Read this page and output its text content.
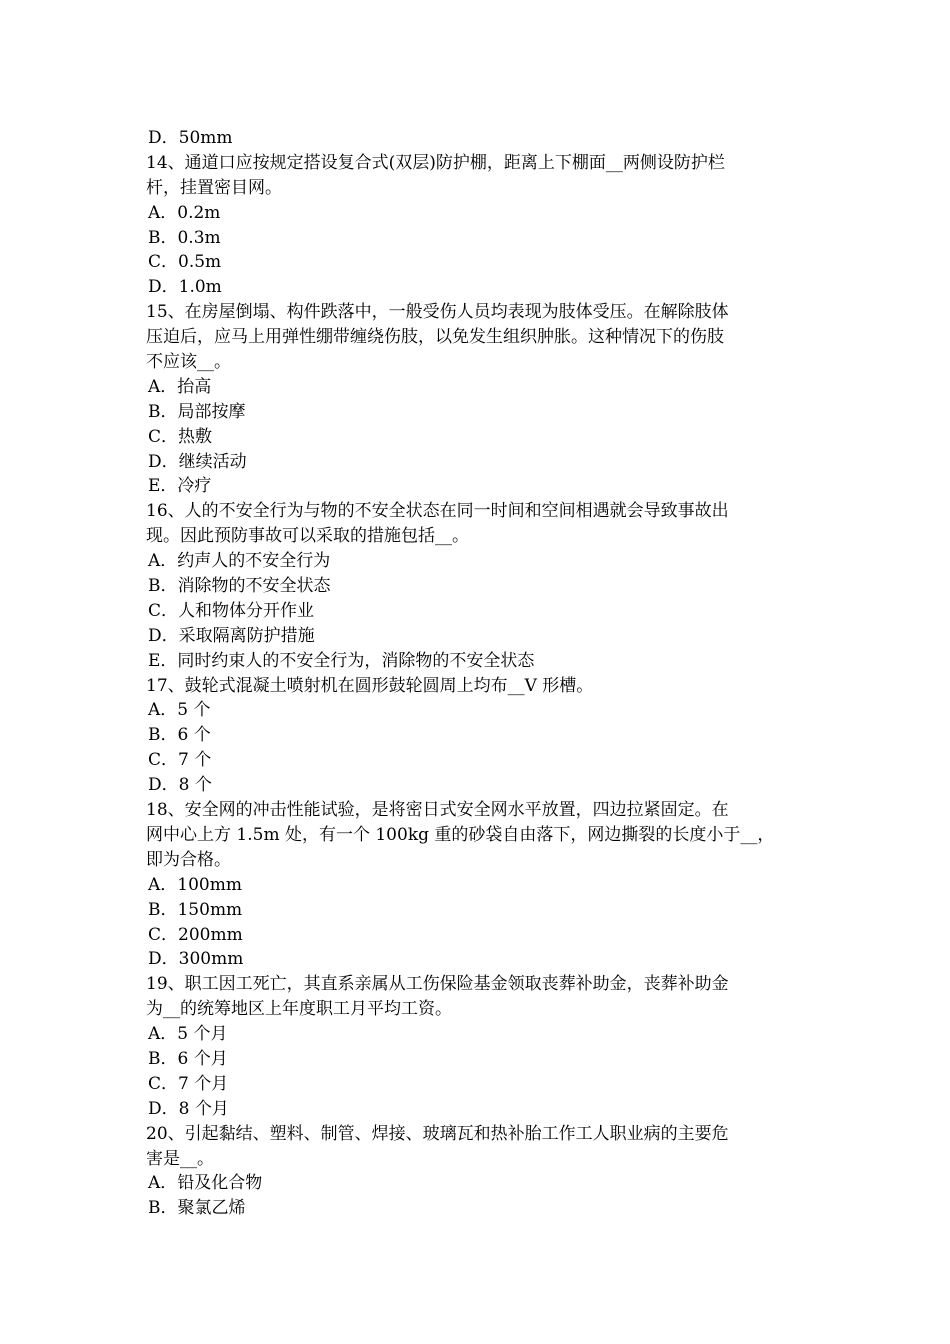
D．50mm
14、通道口应按规定搭设复合式(双层)防护棚，距离上下棚面__两侧设防护栏
杆，挂置密目网。
A．0.2m
B．0.3m
C．0.5m
D．1.0m
15、在房屋倒塌、构件跌落中，一般受伤人员均表现为肢体受压。在解除肢体
压迫后，应马上用弹性绷带缠绕伤肢，以免发生组织肿胀。这种情况下的伤肢
不应该__。
A．抬高
B．局部按摩
C．热敷
D．继续活动
E．冷疗
16、人的不安全行为与物的不安全状态在同一时间和空间相遇就会导致事故出
现。因此预防事故可以采取的措施包括__。
A．约声人的不安全行为
B．消除物的不安全状态
C．人和物体分开作业
D．采取隔离防护措施
E．同时约束人的不安全行为，消除物的不安全状态
17、鼓轮式混凝土喷射机在圆形鼓轮圆周上均布__V 形槽。
A．5 个
B．6 个
C．7 个
D．8 个
18、安全网的冲击性能试验，是将密日式安全网水平放置，四边拉紧固定。在
网中心上方 1.5m 处，有一个 100kg 重的砂袋自由落下，网边撕裂的长度小于__，
即为合格。
A．100mm
B．150mm
C．200mm
D．300mm
19、职工因工死亡，其直系亲属从工伤保险基金领取丧葬补助金，丧葬补助金
为__的统筹地区上年度职工月平均工资。
A．5 个月
B．6 个月
C．7 个月
D．8 个月
20、引起黏结、塑料、制管、焊接、玻璃瓦和热补胎工作工人职业病的主要危
害是__。
A．铅及化合物
B．聚氯乙烯
